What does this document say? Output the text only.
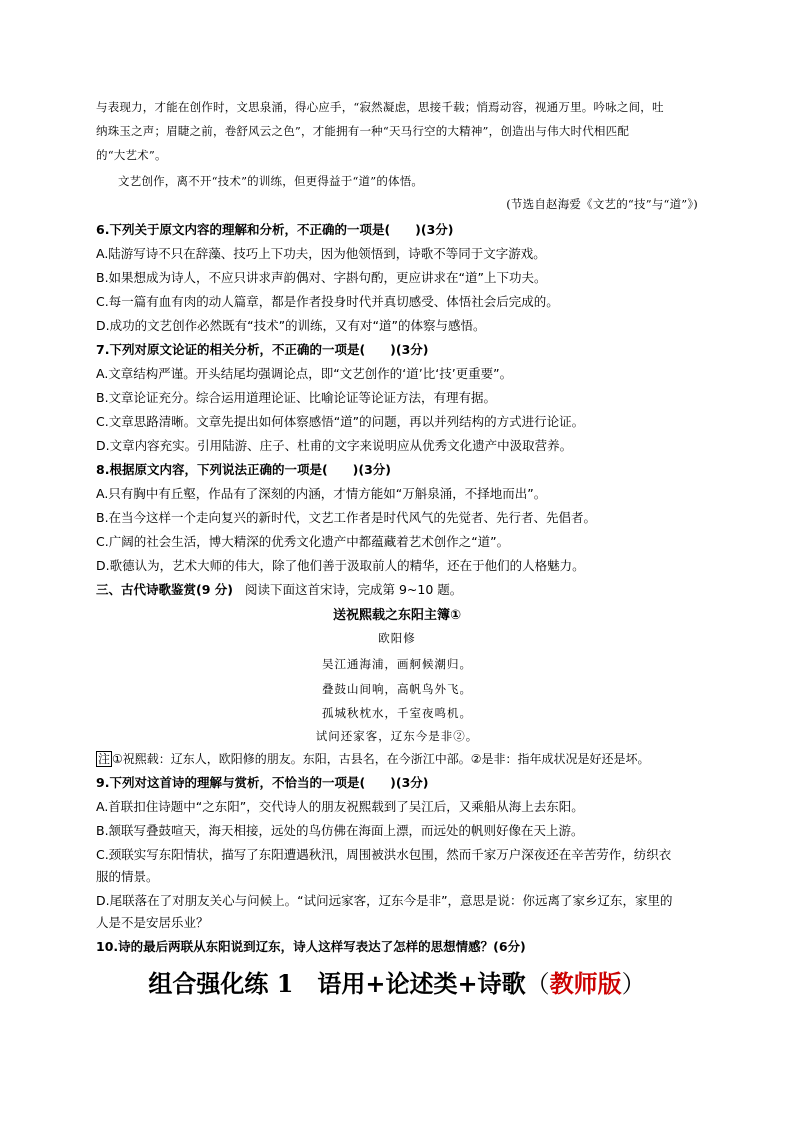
与表现力，才能在创作时，文思泉涌，得心应手，“寂然凝虑，思接千载；悄焉动容，视通万里。吟咏之间，吐

纳珠玉之声；眉睫之前，卷舒风云之色”，才能拥有一种“天马行空的大精神”，创造出与伟大时代相匹配

的“大艺术”。

文艺创作，离不开“技术”的训练，但更得益于“道”的体悟。

(节选自赵海爱《文艺的“技”与“道”》)

6.下列关于原文内容的理解和分析，不正确的一项是(　　)(3分)

A.陆游写诗不只在辞藻、技巧上下功夫，因为他领悟到，诗歌不等同于文字游戏。

B.如果想成为诗人，不应只讲求声韵偶对、字斟句酌，更应讲求在“道”上下功夫。

C.每一篇有血有肉的动人篇章，都是作者投身时代并真切感受、体悟社会后完成的。

D.成功的文艺创作必然既有“技术”的训练，又有对“道”的体察与感悟。

7.下列对原文论证的相关分析，不正确的一项是(　　)(3分)

A.文章结构严谨。开头结尾均强调论点，即“文艺创作的‘道’比‘技’更重要”。

B.文章论证充分。综合运用道理论证、比喻论证等论证方法，有理有据。

C.文章思路清晰。文章先提出如何体察感悟“道”的问题，再以并列结构的方式进行论证。

D.文章内容充实。引用陆游、庄子、杜甫的文字来说明应从优秀文化遗产中汲取营养。

8.根据原文内容，下列说法正确的一项是(　　)(3分)

A.只有胸中有丘壑，作品有了深刻的内涵，才情方能如“万斛泉涌，不择地而出”。

B.在当今这样一个走向复兴的新时代，文艺工作者是时代风气的先觉者、先行者、先倡者。

C.广阔的社会生活，博大精深的优秀文化遗产中都蕴藏着艺术创作之“道”。

D.歌德认为，艺术大师的伟大，除了他们善于汲取前人的精华，还在于他们的人格魅力。

三、古代诗歌鉴赏(9 分) 阅读下面这首宋诗，完成第 9~10 题。

送祝熙载之东阳主簿①

欧阳修

吴江通海浦，画舸候潮归。

叠鼓山间响，高帆鸟外飞。

孤城秋枕水，千室夜鸣机。

试问还家客，辽东今是非②。

注 ①祝熙载：辽东人，欧阳修的朋友。东阳，古县名，在今浙江中部。②是非：指年成状况是好还是坏。

9.下列对这首诗的理解与赏析，不恰当的一项是(　　)(3分)

A.首联扣住诗题中“之东阳”，交代诗人的朋友祝熙载到了吴江后，又乘船从海上去东阳。

B.颔联写叠鼓喧天，海天相接，远处的鸟仿佛在海面上漂，而远处的帆则好像在天上游。

C.颈联实写东阳情状，描写了东阳遭遇秋汛，周围被洪水包围，然而千家万户深夜还在辛苦劳作，纺织衣

服的情景。

D.尾联落在了对朋友关心与问候上。“试问远家客，辽东今是非”，意思是说：你远离了家乡辽东，家里的

人是不是安居乐业？

10.诗的最后两联从东阳说到辽东，诗人这样写表达了怎样的思想情感？(6分)

组合强化练 1　语用+论述类+诗歌（教师版）
